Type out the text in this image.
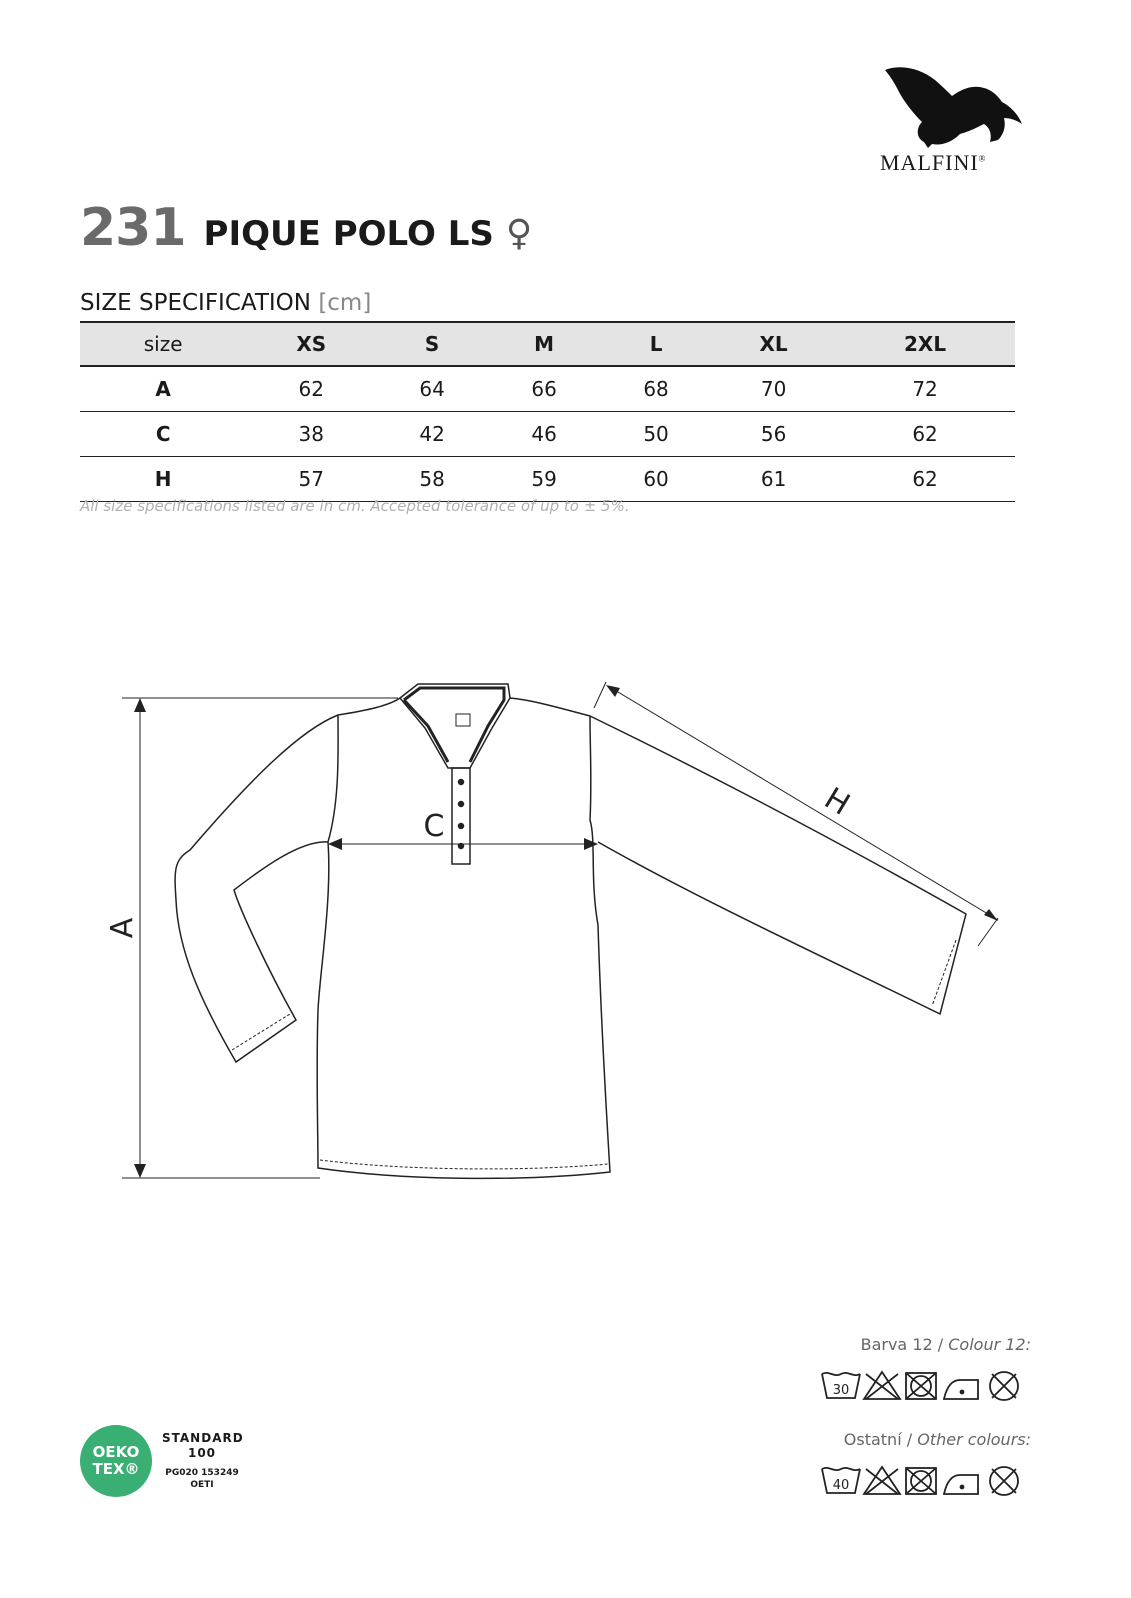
MALFINI®
231 PIQUE POLO LS ♀
SIZE SPECIFICATION [cm]
size	XS	S	M	L	XL	2XL
A	62	64	66	68	70	72
C	38	42	46	50	56	62
H	57	58	59	60	61	62
All size specifications listed are in cm. Accepted tolerance of up to ± 5%.
A
C
H
Barva 12 / Colour 12:
30
Ostatní / Other colours:
40
OEKO
TEX®
STANDARD
100
PG020 153249
OETI
